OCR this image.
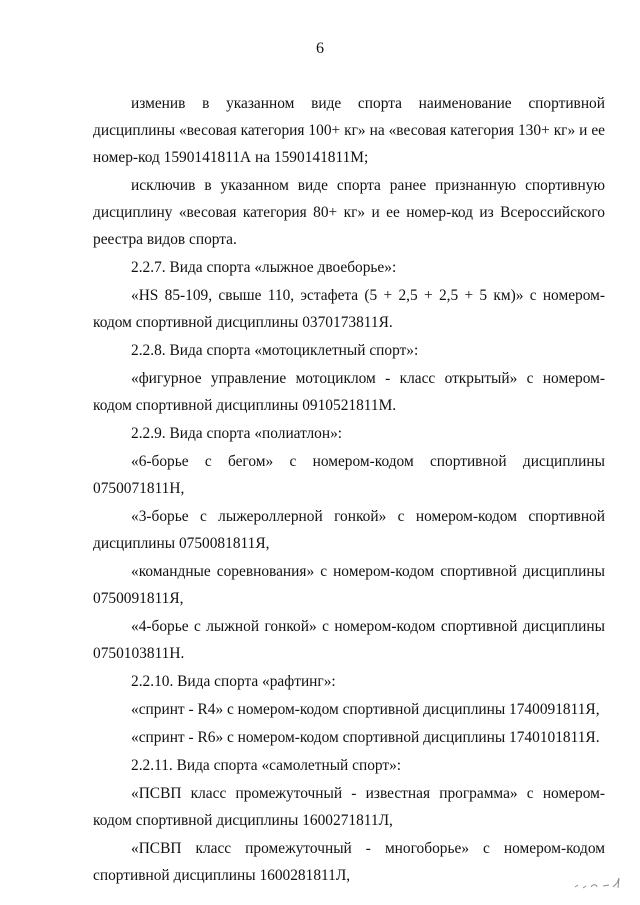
6

изменив в указанном виде спорта наименование спортивной дисциплины «весовая категория 100+ кг» на «весовая категория 130+ кг» и ее номер-код 1590141811А на 1590141811М;

исключив в указанном виде спорта ранее признанную спортивную дисциплину «весовая категория 80+ кг» и ее номер-код из Всероссийского реестра видов спорта.

2.2.7. Вида спорта «лыжное двоеборье»:

«HS 85-109, свыше 110, эстафета (5 + 2,5 + 2,5 + 5 км)» с номером-кодом спортивной дисциплины 0370173811Я.

2.2.8. Вида спорта «мотоциклетный спорт»:

«фигурное управление мотоциклом - класс открытый» с номером-кодом спортивной дисциплины 0910521811М.

2.2.9. Вида спорта «полиатлон»:

«6-борье с бегом» с номером-кодом спортивной дисциплины 0750071811Н,

«3-борье с лыжероллерной гонкой» с номером-кодом спортивной дисциплины 0750081811Я,

«командные соревнования» с номером-кодом спортивной дисциплины 0750091811Я,

«4-борье с лыжной гонкой» с номером-кодом спортивной дисциплины 0750103811Н.

2.2.10. Вида спорта «рафтинг»:

«спринт - R4» с номером-кодом спортивной дисциплины 1740091811Я,

«спринт - R6» с номером-кодом спортивной дисциплины 1740101811Я.

2.2.11. Вида спорта «самолетный спорт»:

«ПСВП класс промежуточный - известная программа» с номером-кодом спортивной дисциплины 1600271811Л,

«ПСВП класс промежуточный - многоборье» с номером-кодом спортивной дисциплины 1600281811Л,
